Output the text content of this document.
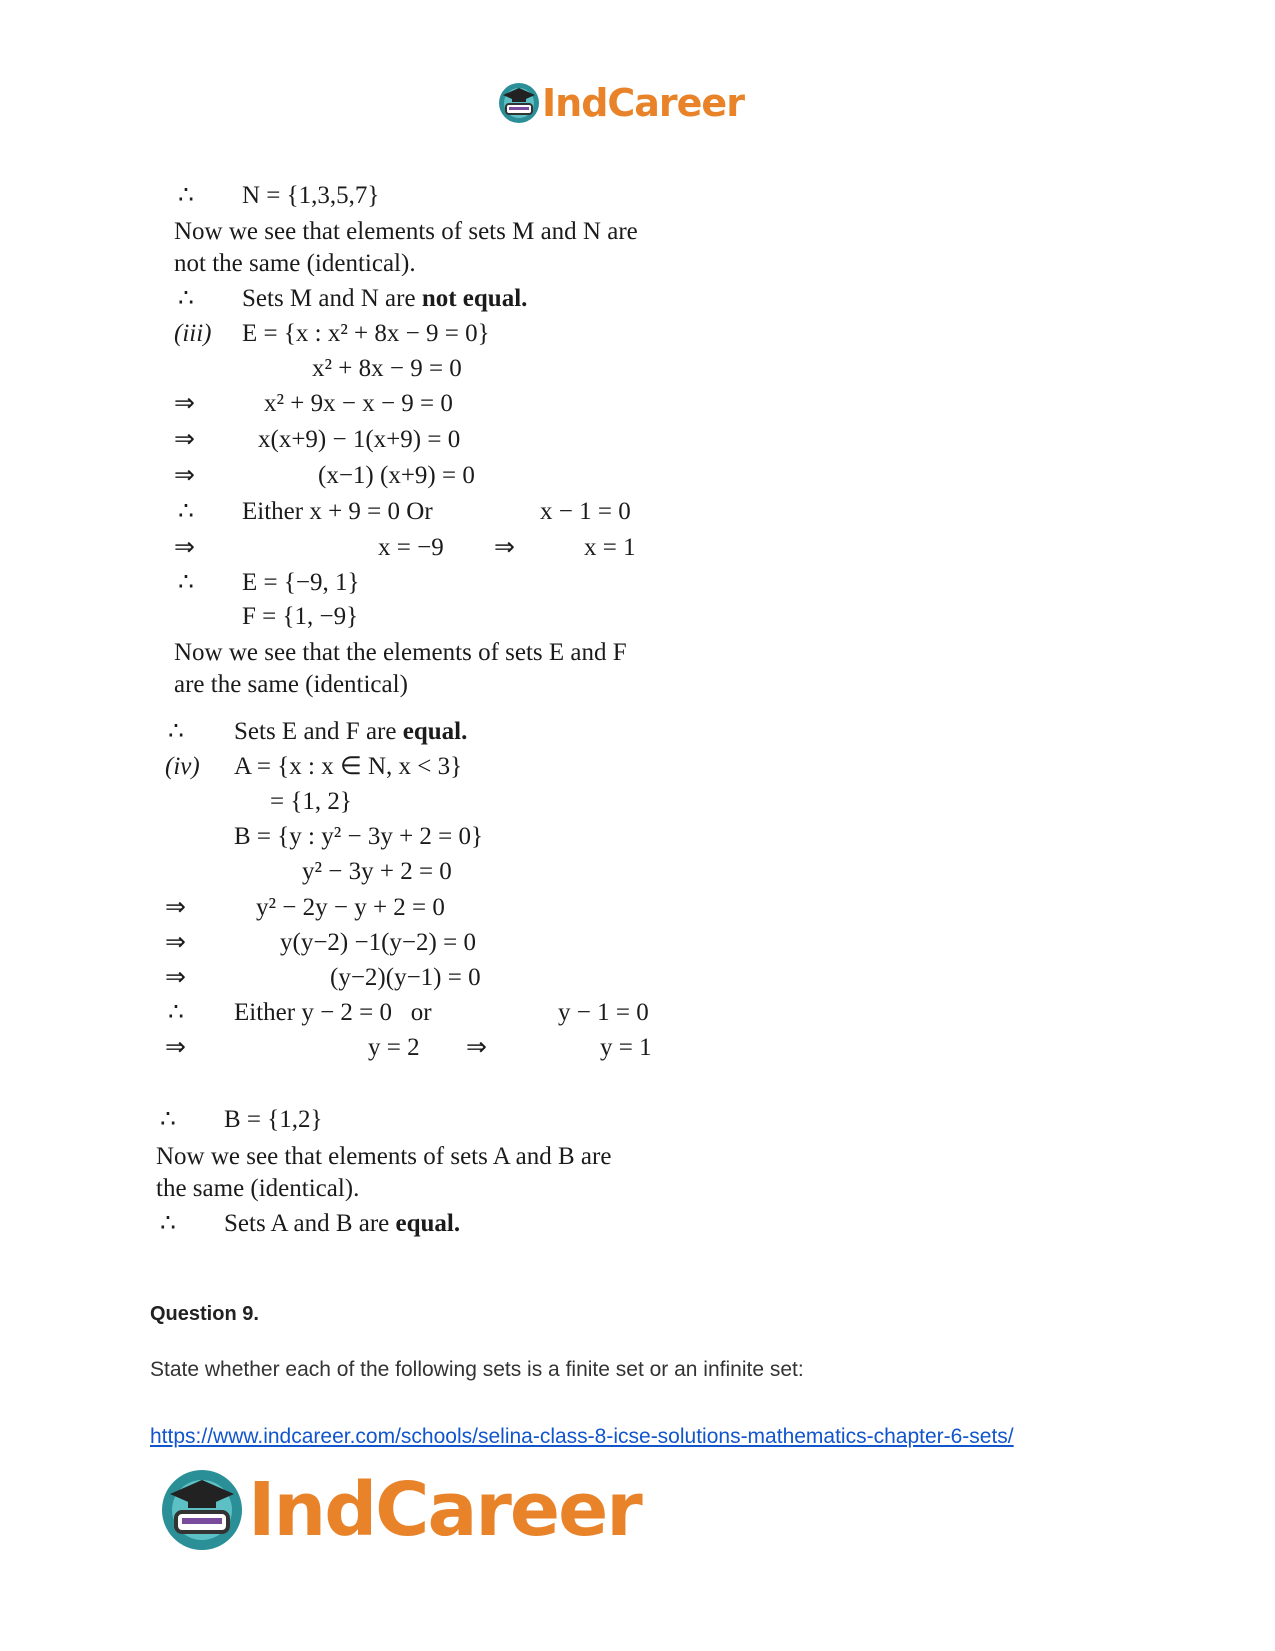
IndCareer
∴ N = {1,3,5,7}
Now we see that elements of sets M and N are
not the same (identical).
∴ Sets M and N are not equal.
(iii) E = {x : x² + 8x − 9 = 0}
x² + 8x − 9 = 0
⇒	x² + 9x − x − 9 = 0
⇒	x(x+9) − 1(x+9) = 0
⇒	(x−1) (x+9) = 0
∴ Either x + 9 = 0 Or	x − 1 = 0
⇒	x = −9 ⇒	x = 1
∴ E = {−9, 1}
F = {1, −9}
Now we see that the elements of sets E and F
are the same (identical)
∴ Sets E and F are equal.
(iv) A = {x : x ∈ N, x < 3}
= {1, 2}
B = {y : y² − 3y + 2 = 0}
y² − 3y + 2 = 0
⇒	y² − 2y − y + 2 = 0
⇒	y(y−2) −1(y−2) = 0
⇒	(y−2)(y−1) = 0
∴ Either y − 2 = 0   or	y − 1 = 0
⇒	y = 2 ⇒	y = 1
∴ B = {1,2}
Now we see that elements of sets A and B are
the same (identical).
∴ Sets A and B are equal.
Question 9.
State whether each of the following sets is a finite set or an infinite set:
https://www.indcareer.com/schools/selina-class-8-icse-solutions-mathematics-chapter-6-sets/
IndCareer
